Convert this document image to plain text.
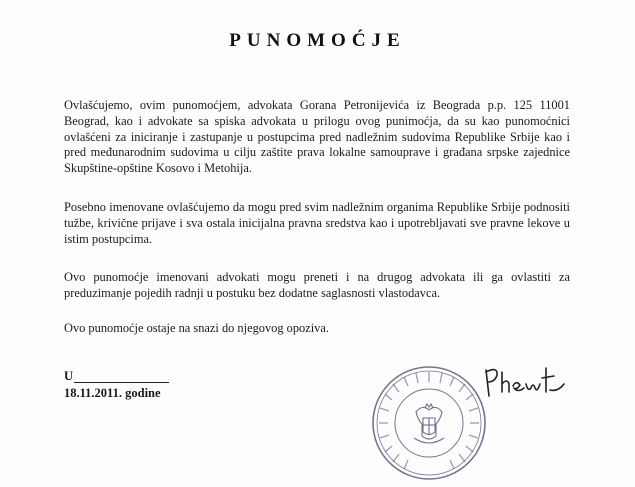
PUNOMOĆJE
Ovlašćujemo, ovim punomoćjem, advokata Gorana Petronijevića iz Beograda p.p. 125 11001 Beograd, kao i advokate sa spiska advokata u prilogu ovog punimoćja, da su kao punomoćnici ovlašćeni za iniciranje i zastupanje u postupcima pred nadležnim sudovima Republike Srbije kao i pred međunarodnim sudovima u cilju zaštite prava lokalne samouprave i građana srpske zajednice Skupštine-opštine Kosovo i Metohija.
Posebno imenovane ovlašćujemo da mogu pred svim nadležnim organima Republike Srbije podnositi tužbe, krivične prijave i sva ostala inicijalna pravna sredstva kao i upotrebljavati sve pravne lekove u istim postupcima.
Ovo punomoćje imenovani advokati mogu preneti i na drugog advokata ili ga ovlastiti za preduzimanje pojedih radnji u postuku bez dodatne saglasnosti vlastodavca.
Ovo punomoćje ostaje na snazi do njegovog opoziva.
U
18.11.2011. godine
